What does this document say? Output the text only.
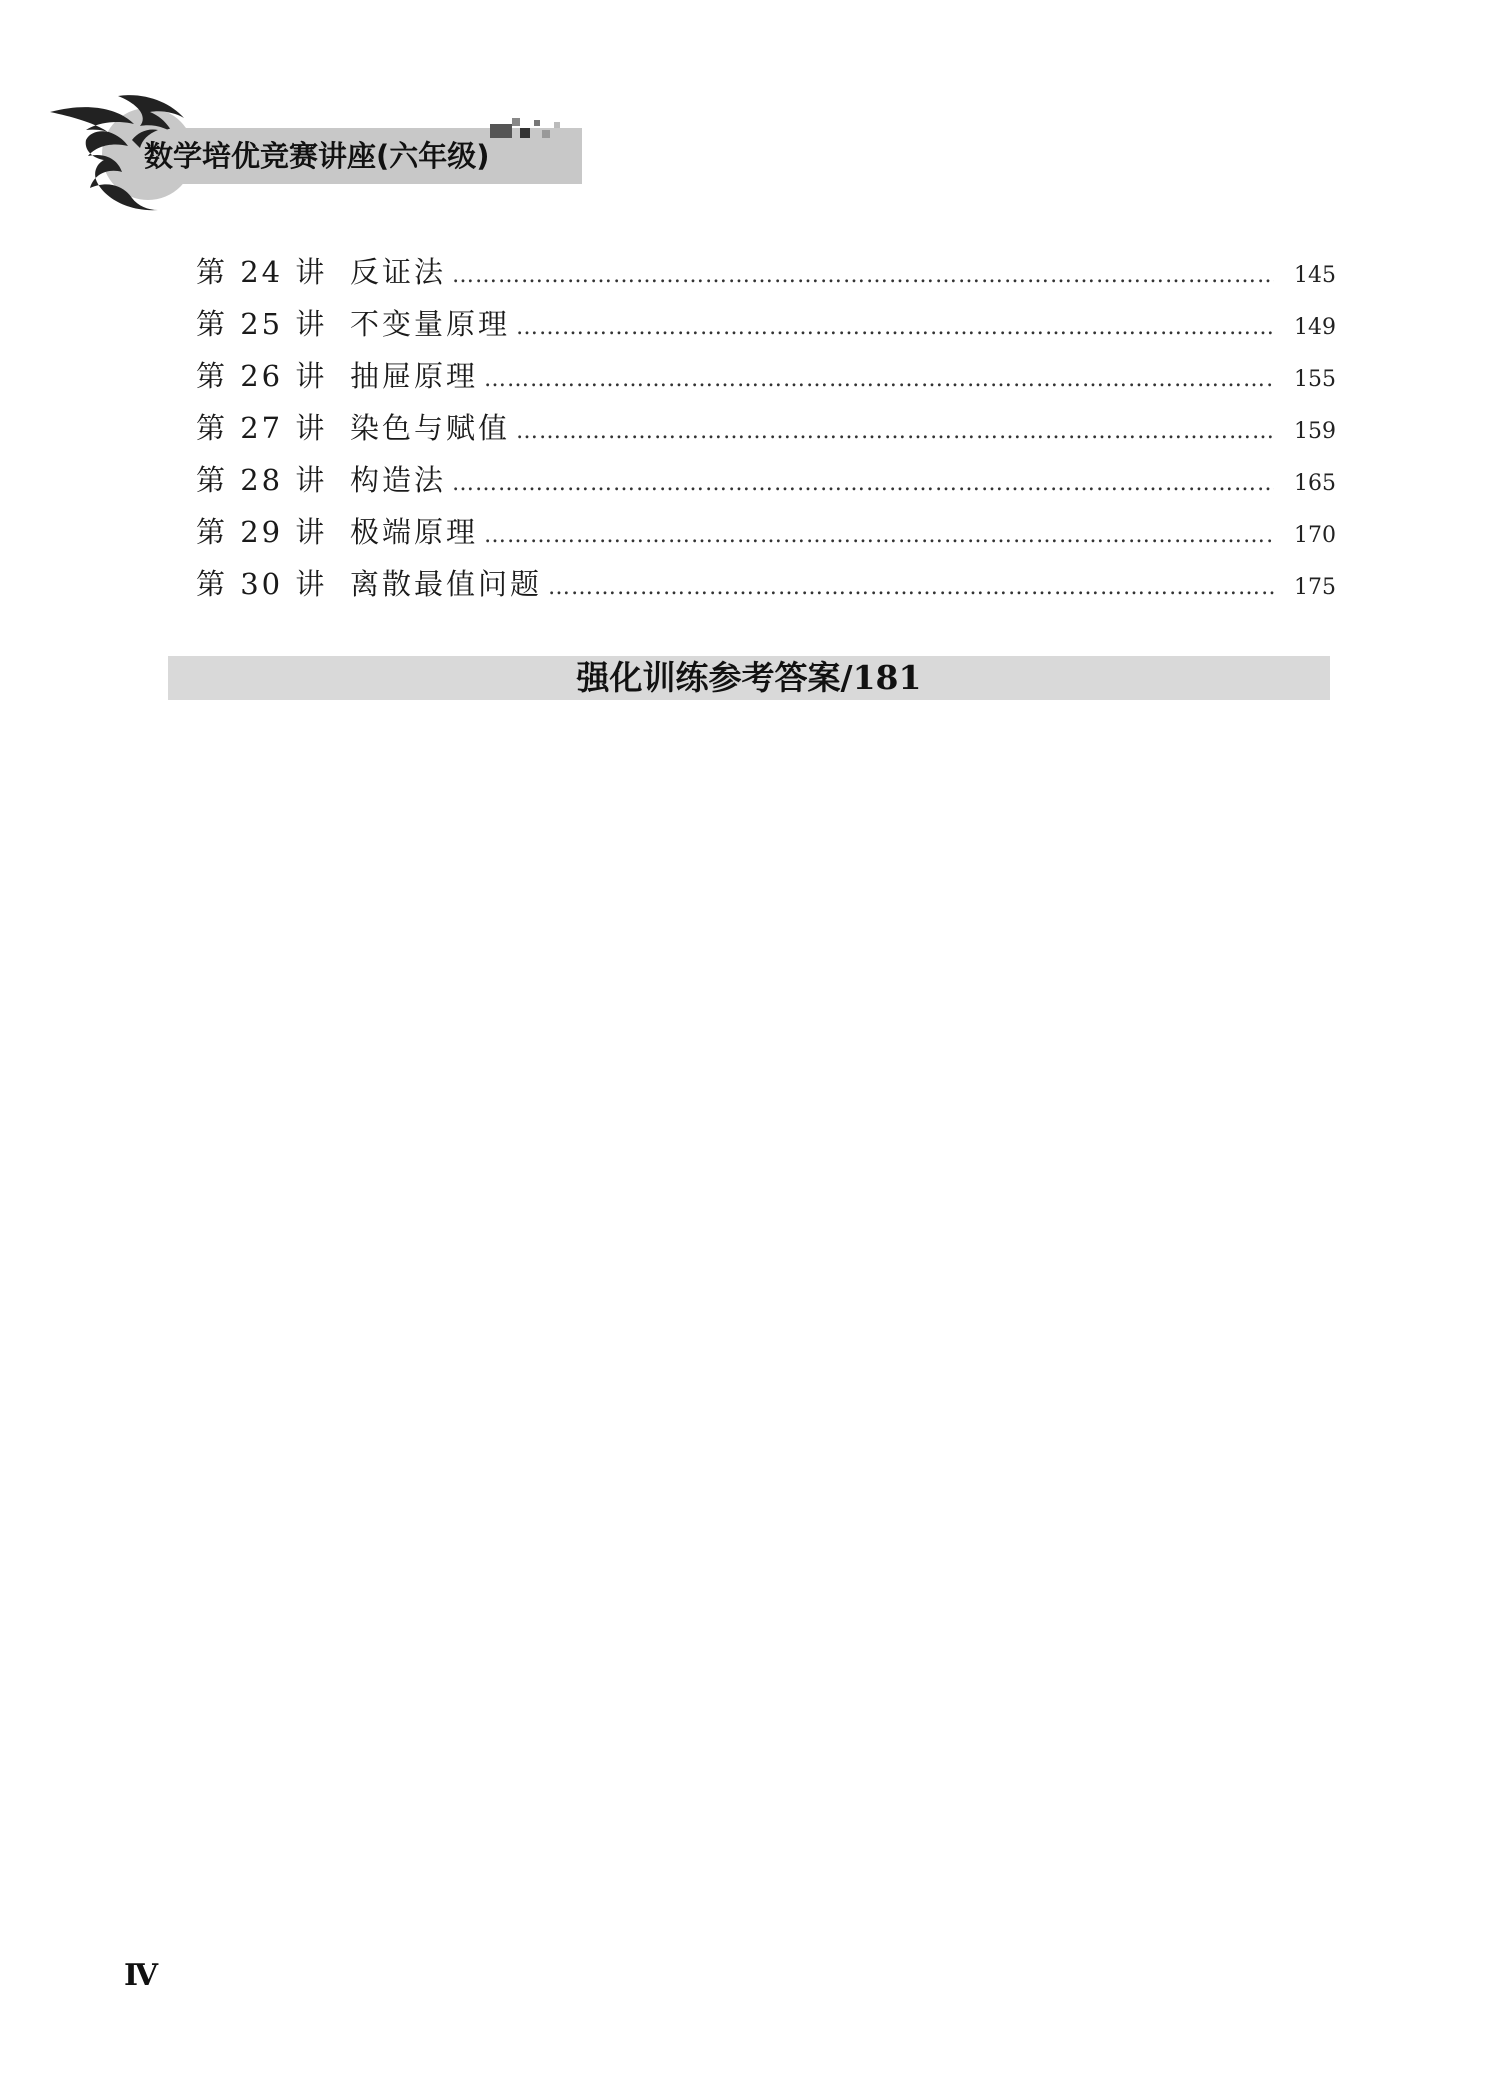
数学培优竞赛讲座(六年级)
第 24 讲 反证法 ………………………………………………………………………………………………………………………………………………………………………………………………………	145
第 25 讲 不变量原理 ………………………………………………………………………………………………………………………………………………………………………………………………………	149
第 26 讲 抽屉原理 ………………………………………………………………………………………………………………………………………………………………………………………………………	155
第 27 讲 染色与赋值 ………………………………………………………………………………………………………………………………………………………………………………………………………	159
第 28 讲 构造法 ………………………………………………………………………………………………………………………………………………………………………………………………………	165
第 29 讲 极端原理 ………………………………………………………………………………………………………………………………………………………………………………………………………	170
第 30 讲 离散最值问题 ………………………………………………………………………………………………………………………………………………………………………………………………………	175
强化训练参考答案/181
Ⅳ
